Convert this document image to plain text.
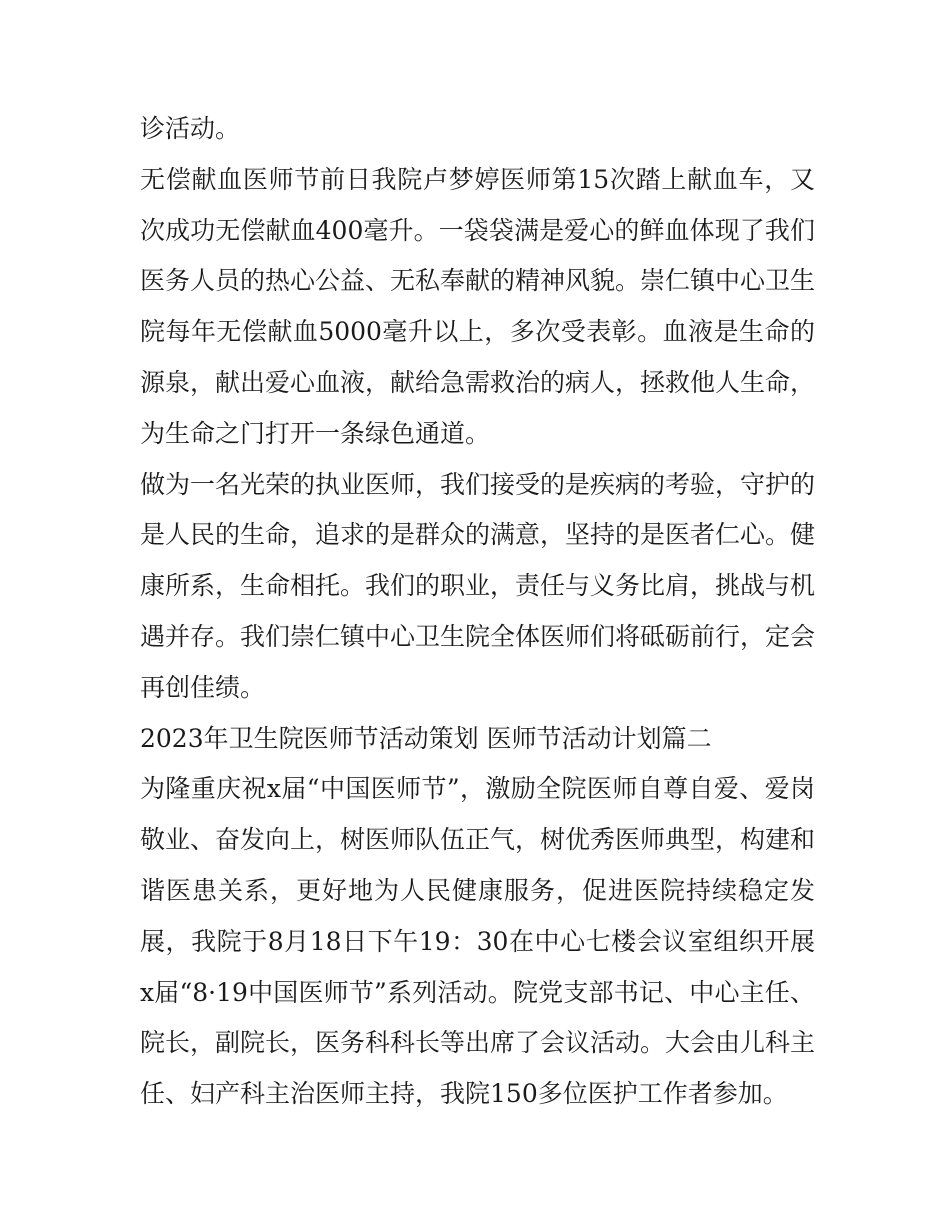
诊活动。

无偿献血医师节前日我院卢梦婷医师第15次踏上献血车，又次成功无偿献血400毫升。一袋袋满是爱心的鲜血体现了我们医务人员的热心公益、无私奉献的精神风貌。崇仁镇中心卫生院每年无偿献血5000毫升以上，多次受表彰。血液是生命的源泉，献出爱心血液，献给急需救治的病人，拯救他人生命，为生命之门打开一条绿色通道。

做为一名光荣的执业医师，我们接受的是疾病的考验，守护的是人民的生命，追求的是群众的满意，坚持的是医者仁心。健康所系，生命相托。我们的职业，责任与义务比肩，挑战与机遇并存。我们崇仁镇中心卫生院全体医师们将砥砺前行，定会再创佳绩。

2023年卫生院医师节活动策划 医师节活动计划篇二

为隆重庆祝x届“中国医师节”，激励全院医师自尊自爱、爱岗敬业、奋发向上，树医师队伍正气，树优秀医师典型，构建和谐医患关系，更好地为人民健康服务，促进医院持续稳定发展，我院于8月18日下午19：30在中心七楼会议室组织开展x届“8·19中国医师节”系列活动。院党支部书记、中心主任、院长，副院长，医务科科长等出席了会议活动。大会由儿科主任、妇产科主治医师主持，我院150多位医护工作者参加。
